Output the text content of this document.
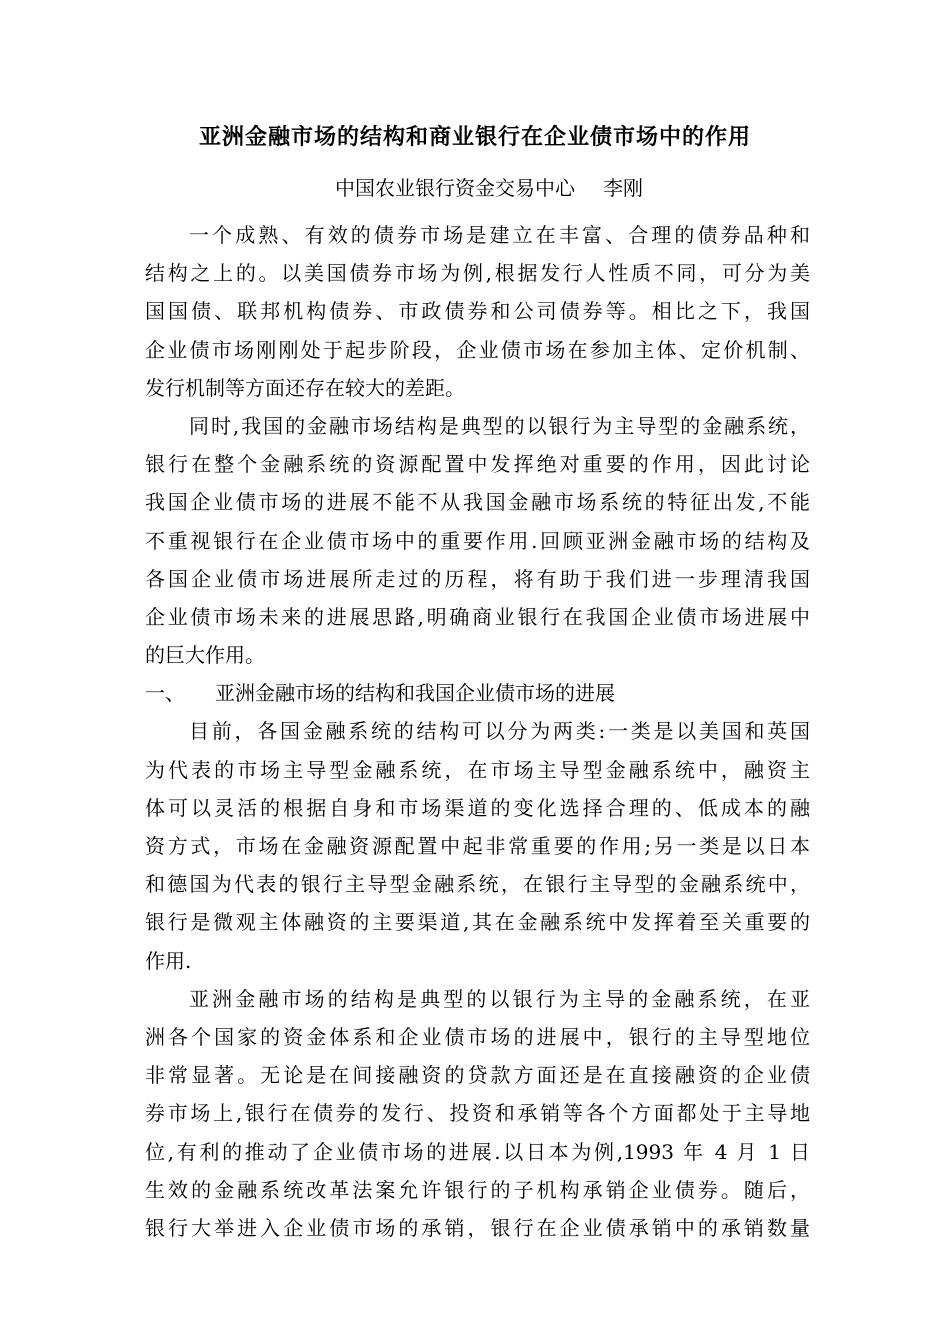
亚洲金融市场的结构和商业银行在企业债市场中的作用
中国农业银行资金交易中心 李刚
一个成熟、有效的债券市场是建立在丰富、合理的债券品种和
结构之上的。以美国债券市场为例,根据发行人性质不同，可分为美
国国债、联邦机构债券、市政债券和公司债券等。相比之下，我国
企业债市场刚刚处于起步阶段，企业债市场在参加主体、定价机制、
发行机制等方面还存在较大的差距。
同时,我国的金融市场结构是典型的以银行为主导型的金融系统，
银行在整个金融系统的资源配置中发挥绝对重要的作用，因此讨论
我国企业债市场的进展不能不从我国金融市场系统的特征出发,不能
不重视银行在企业债市场中的重要作用.回顾亚洲金融市场的结构及
各国企业债市场进展所走过的历程，将有助于我们进一步理清我国
企业债市场未来的进展思路,明确商业银行在我国企业债市场进展中
的巨大作用。
一、 亚洲金融市场的结构和我国企业债市场的进展
目前，各国金融系统的结构可以分为两类:一类是以美国和英国
为代表的市场主导型金融系统，在市场主导型金融系统中，融资主
体可以灵活的根据自身和市场渠道的变化选择合理的、低成本的融
资方式，市场在金融资源配置中起非常重要的作用;另一类是以日本
和德国为代表的银行主导型金融系统，在银行主导型的金融系统中，
银行是微观主体融资的主要渠道,其在金融系统中发挥着至关重要的
作用.
亚洲金融市场的结构是典型的以银行为主导的金融系统，在亚
洲各个国家的资金体系和企业债市场的进展中，银行的主导型地位
非常显著。无论是在间接融资的贷款方面还是在直接融资的企业债
券市场上,银行在债券的发行、投资和承销等各个方面都处于主导地
位,有利的推动了企业债市场的进展.以日本为例,1993 年 4 月 1 日
生效的金融系统改革法案允许银行的子机构承销企业债券。随后，
银行大举进入企业债市场的承销，银行在企业债承销中的承销数量
